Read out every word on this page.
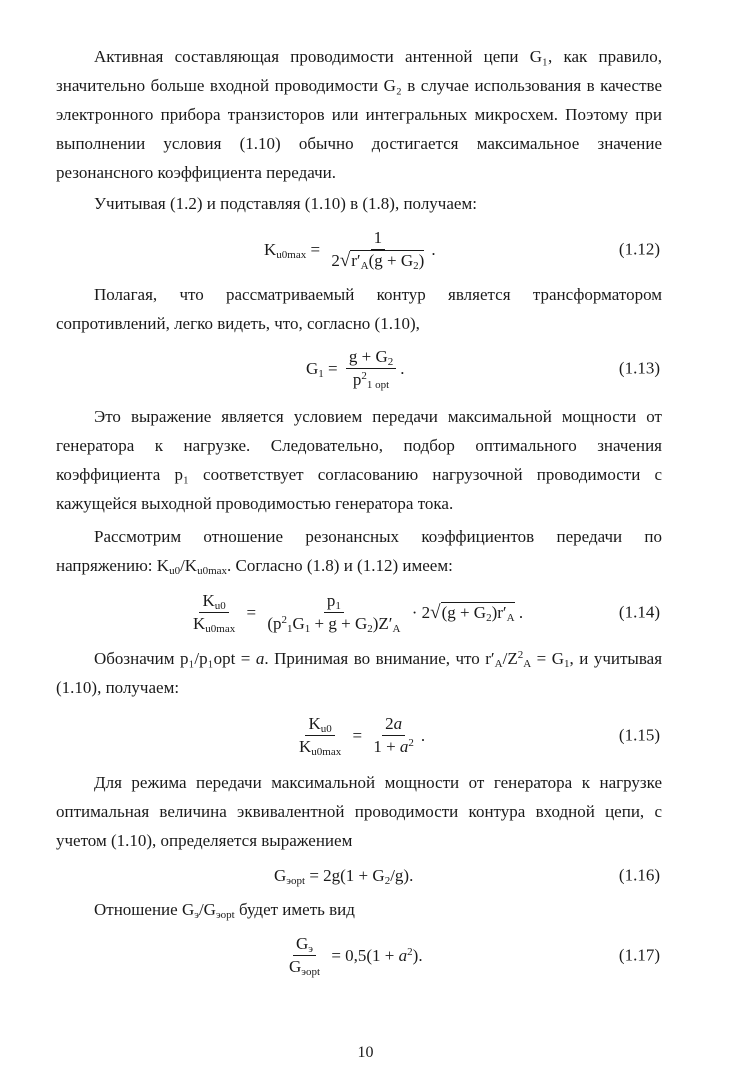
Активная составляющая проводимости антенной цепи G₁, как правило, значительно больше входной проводимости G₂ в случае использования в качестве электронного прибора транзисторов или интегральных микросхем. Поэтому при выполнении условия (1.10) обычно достигается максимальное значение резонансного коэффициента передачи.

Учитывая (1.2) и подставляя (1.10) в (1.8), получаем:

$K_{u0max} = \frac{1}{2√r'_A(g + G_2)}$ .	(1.12)

Полагая, что рассматриваемый контур является трансформатором сопротивлений, легко видеть, что, согласно (1.10),

$G_1 = \frac{g + G_2}{p^2_{1 opt}}$ .	(1.13)

Это выражение является условием передачи максимальной мощности от генератора к нагрузке. Следовательно, подбор оптимального значения коэффициента p₁ соответствует согласованию нагрузочной проводимости с кажущейся выходной проводимостью генератора тока.

Рассмотрим отношение резонансных коэффициентов передачи по напряжению: $K_{u0}/K_{u0max}$. Согласно (1.8) и (1.12) имеем:

$\frac{K_{u0}}{K_{u0max}} = \frac{p_1}{(p^2_1G_1 + g + G_2)Z'_A} \cdot 2√(g + G_2)r'_A$ .	(1.14)

Обозначим p₁/p₁opt = a. Принимая во внимание, что $r'_A/Z^2_A = G_1$, и учитывая (1.10), получаем:

$\frac{K_{u0}}{K_{u0max}} = \frac{2a}{1 + a^2}$ .	(1.15)

Для режима передачи максимальной мощности от генератора к нагрузке оптимальная величина эквивалентной проводимости контура входной цепи, с учетом (1.10), определяется выражением

$G_{эopt} = 2g(1 + G_2/g)$.	(1.16)

Отношение $G_э/G_{эopt}$ будет иметь вид

$\frac{G_э}{G_{эopt}} = 0,5(1 + a^2)$.	(1.17)
10
